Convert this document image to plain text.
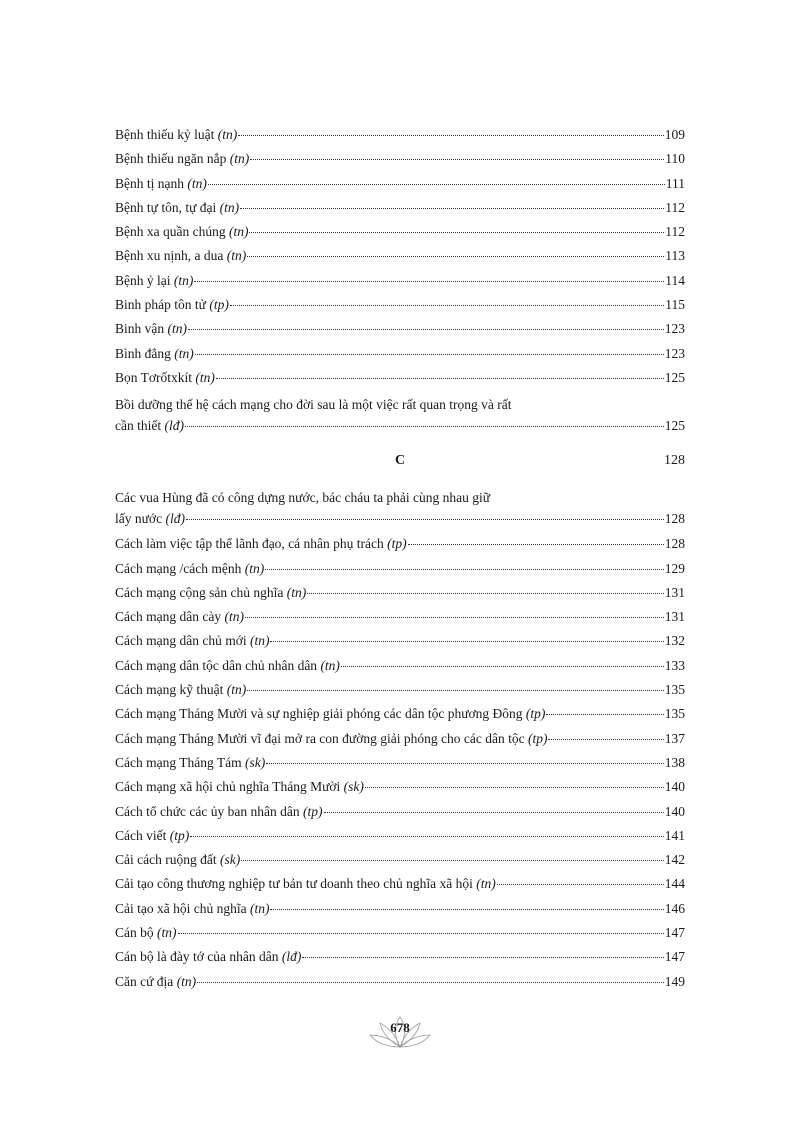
Bệnh thiếu kỷ luật (tn)	109
Bệnh thiếu ngăn nắp (tn)	110
Bệnh tị nạnh (tn)	111
Bệnh tự tôn, tự đại (tn)	112
Bệnh xa quần chúng (tn)	112
Bệnh xu nịnh, a dua (tn)	113
Bệnh ỷ lại (tn)	114
Binh pháp tôn tử (tp)	115
Binh vận (tn)	123
Bình đẳng (tn)	123
Bọn Tơrốtxkít (tn)	125
Bồi dưỡng thế hệ cách mạng cho đời sau là một việc rất quan trọng và rất
cần thiết (lđ)	125
C	128
Các vua Hùng đã có công dựng nước, bác cháu ta phải cùng nhau giữ
lấy nước (lđ)	128
Cách làm việc tập thể lãnh đạo, cá nhân phụ trách (tp)	128
Cách mạng /cách mệnh (tn)	129
Cách mạng cộng sản chủ nghĩa (tn)	131
Cách mạng dân cày (tn)	131
Cách mạng dân chủ mới (tn)	132
Cách mạng dân tộc dân chủ nhân dân (tn)	133
Cách mạng kỹ thuật (tn)	135
Cách mạng Tháng Mười và sự nghiệp giải phóng các dân tộc phương Đông (tp)	135
Cách mạng Tháng Mười vĩ đại mở ra con đường giải phóng cho các dân tộc (tp)	137
Cách mạng Tháng Tám (sk)	138
Cách mạng xã hội chủ nghĩa Tháng Mười (sk)	140
Cách tổ chức các ủy ban nhân dân (tp)	140
Cách viết (tp)	141
Cải cách ruộng đất (sk)	142
Cải tạo công thương nghiệp tư bản tư doanh theo chủ nghĩa xã hội (tn)	144
Cải tạo xã hội chủ nghĩa (tn)	146
Cán bộ (tn)	147
Cán bộ là đày tớ của nhân dân (lđ)	147
Căn cứ địa (tn)	149
678
